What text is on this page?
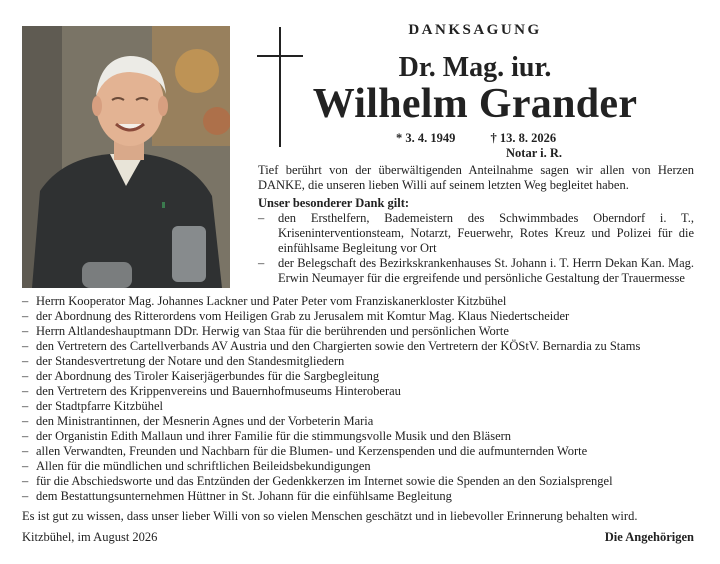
DANKSAGUNG
Dr. Mag. iur.
Wilhelm Grander
* 3. 4. 1949	† 13. 8. 2026
Notar i. R.
Tief berührt von der überwältigenden Anteilnahme sagen wir allen von Herzen DANKE, die unseren lieben Willi auf seinem letzten Weg begleitet haben.
Unser besonderer Dank gilt:
– den Ersthelfern, Bademeistern des Schwimmbades Oberndorf i. T., Kriseninterventionsteam, Notarzt, Feuerwehr, Rotes Kreuz und Polizei für die einfühlsame Begleitung vor Ort
– der Belegschaft des Bezirkskrankenhauses St. Johann i. T. Herrn Dekan Kan. Mag. Erwin Neumayer für die ergreifende und persönliche Gestaltung der Trauermesse
– Herrn Kooperator Mag. Johannes Lackner und Pater Peter vom Franziskanerkloster Kitzbühel
– der Abordnung des Ritterordens vom Heiligen Grab zu Jerusalem mit Komtur Mag. Klaus Niedertscheider
– Herrn Altlandeshauptmann DDr. Herwig van Staa für die berührenden und persönlichen Worte
– den Vertretern des Cartellverbands AV Austria und den Chargierten sowie den Vertretern der KÖStV. Bernardia zu Stams
– der Standesvertretung der Notare und den Standesmitgliedern
– der Abordnung des Tiroler Kaiserjägerbundes für die Sargbegleitung
– den Vertretern des Krippenvereins und Bauernhofmuseums Hinteroberau
– der Stadtpfarre Kitzbühel
– den Ministrantinnen, der Mesnerin Agnes und der Vorbeterin Maria
– der Organistin Edith Mallaun und ihrer Familie für die stimmungsvolle Musik und den Bläsern
– allen Verwandten, Freunden und Nachbarn für die Blumen- und Kerzenspenden und die aufmunternden Worte
– Allen für die mündlichen und schriftlichen Beileidsbekundigungen
– für die Abschiedsworte und das Entzünden der Gedenkkerzen im Internet sowie die Spenden an den Sozialsprengel
– dem Bestattungsunternehmen Hüttner in St. Johann für die einfühlsame Begleitung
Es ist gut zu wissen, dass unser lieber Willi von so vielen Menschen geschätzt und in liebevoller Erinnerung behalten wird.
Kitzbühel, im August 2026	Die Angehörigen
